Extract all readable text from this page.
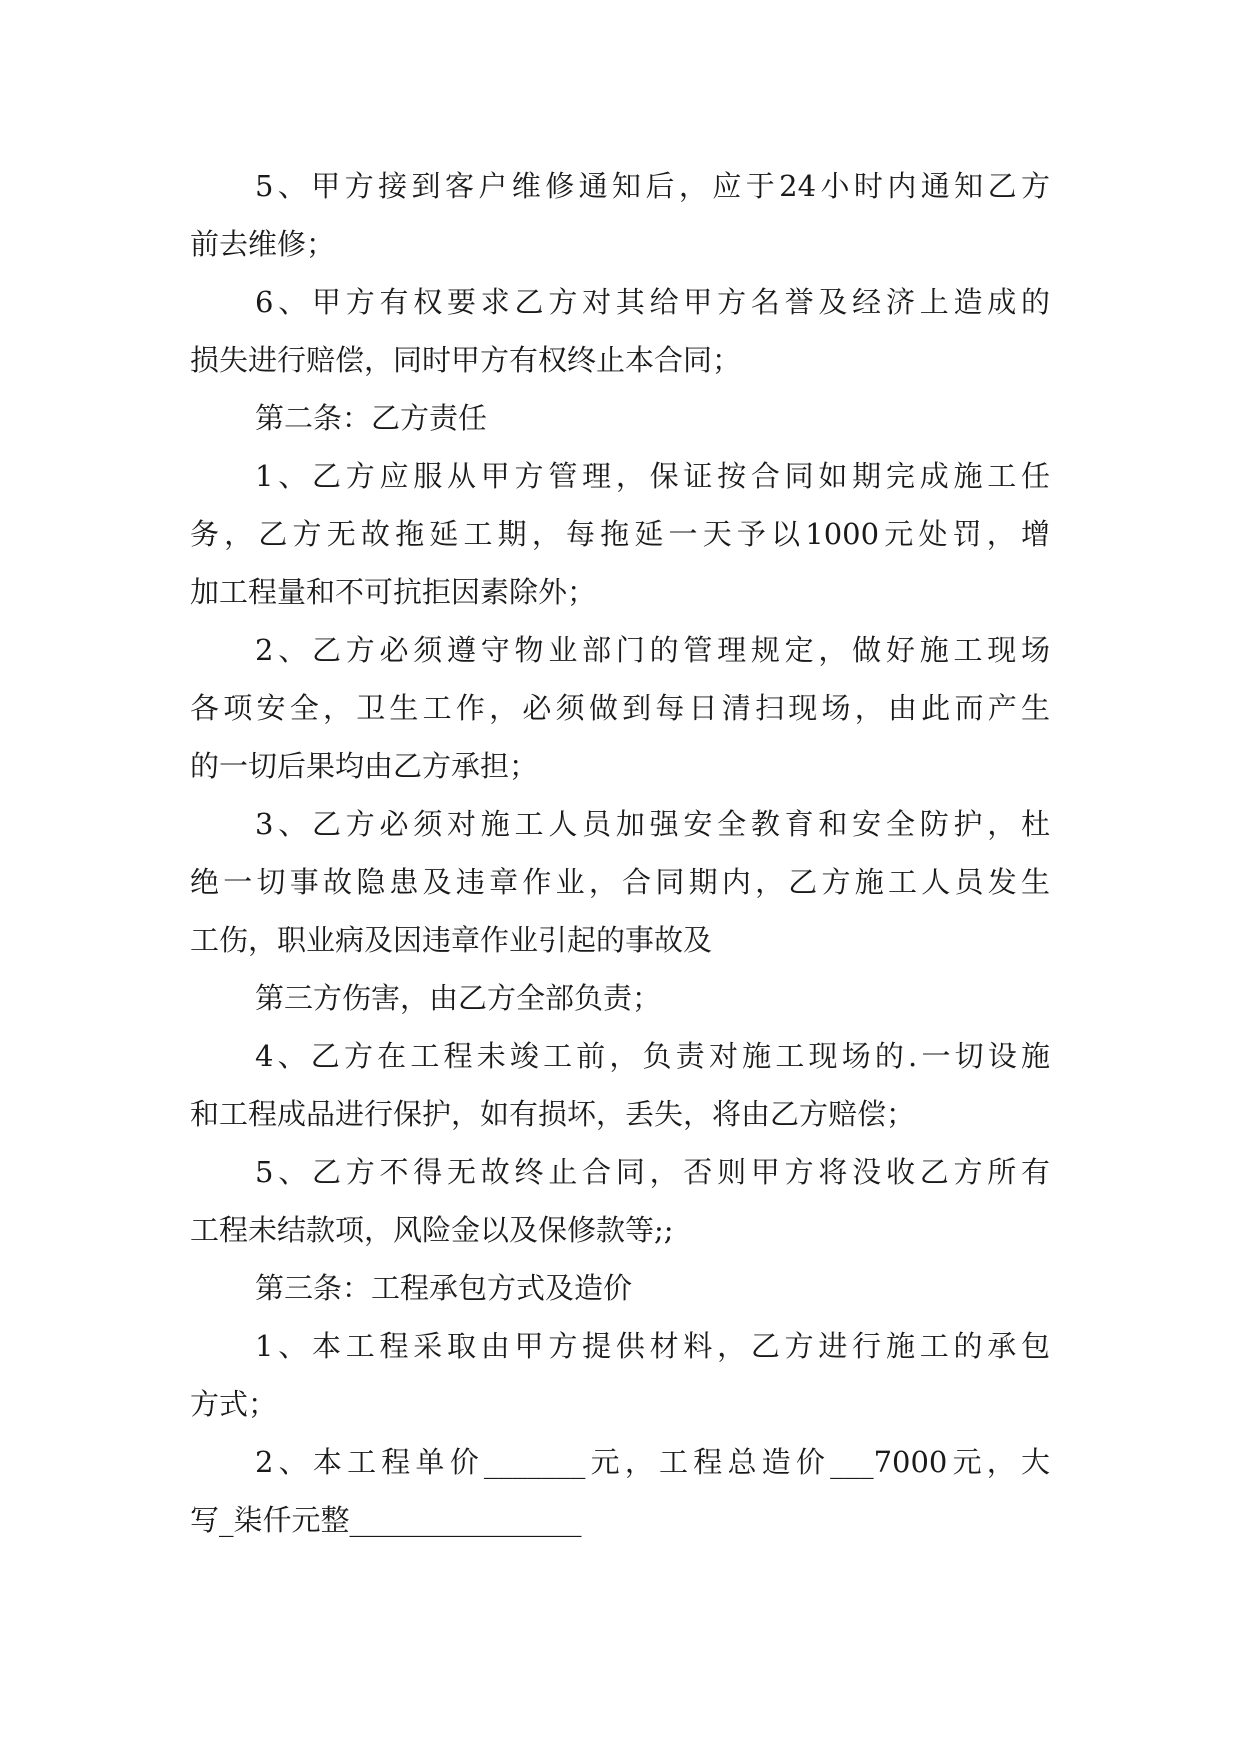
5、甲方接到客户维修通知后，应于24小时内通知乙方
前去维修；
6、甲方有权要求乙方对其给甲方名誉及经济上造成的
损失进行赔偿，同时甲方有权终止本合同；
第二条：乙方责任
1、乙方应服从甲方管理，保证按合同如期完成施工任
务，乙方无故拖延工期，每拖延一天予以1000元处罚，增
加工程量和不可抗拒因素除外；
2、乙方必须遵守物业部门的管理规定，做好施工现场
各项安全，卫生工作，必须做到每日清扫现场，由此而产生
的一切后果均由乙方承担；
3、乙方必须对施工人员加强安全教育和安全防护，杜
绝一切事故隐患及违章作业，合同期内，乙方施工人员发生
工伤，职业病及因违章作业引起的事故及
第三方伤害，由乙方全部负责；
4、乙方在工程未竣工前，负责对施工现场的.一切设施
和工程成品进行保护，如有损坏，丢失，将由乙方赔偿；
5、乙方不得无故终止合同，否则甲方将没收乙方所有
工程未结款项，风险金以及保修款等;;
第三条：工程承包方式及造价
1、本工程采取由甲方提供材料，乙方进行施工的承包
方式；
2、本工程单价_______元，工程总造价___7000元，大
写_柒仟元整________________
